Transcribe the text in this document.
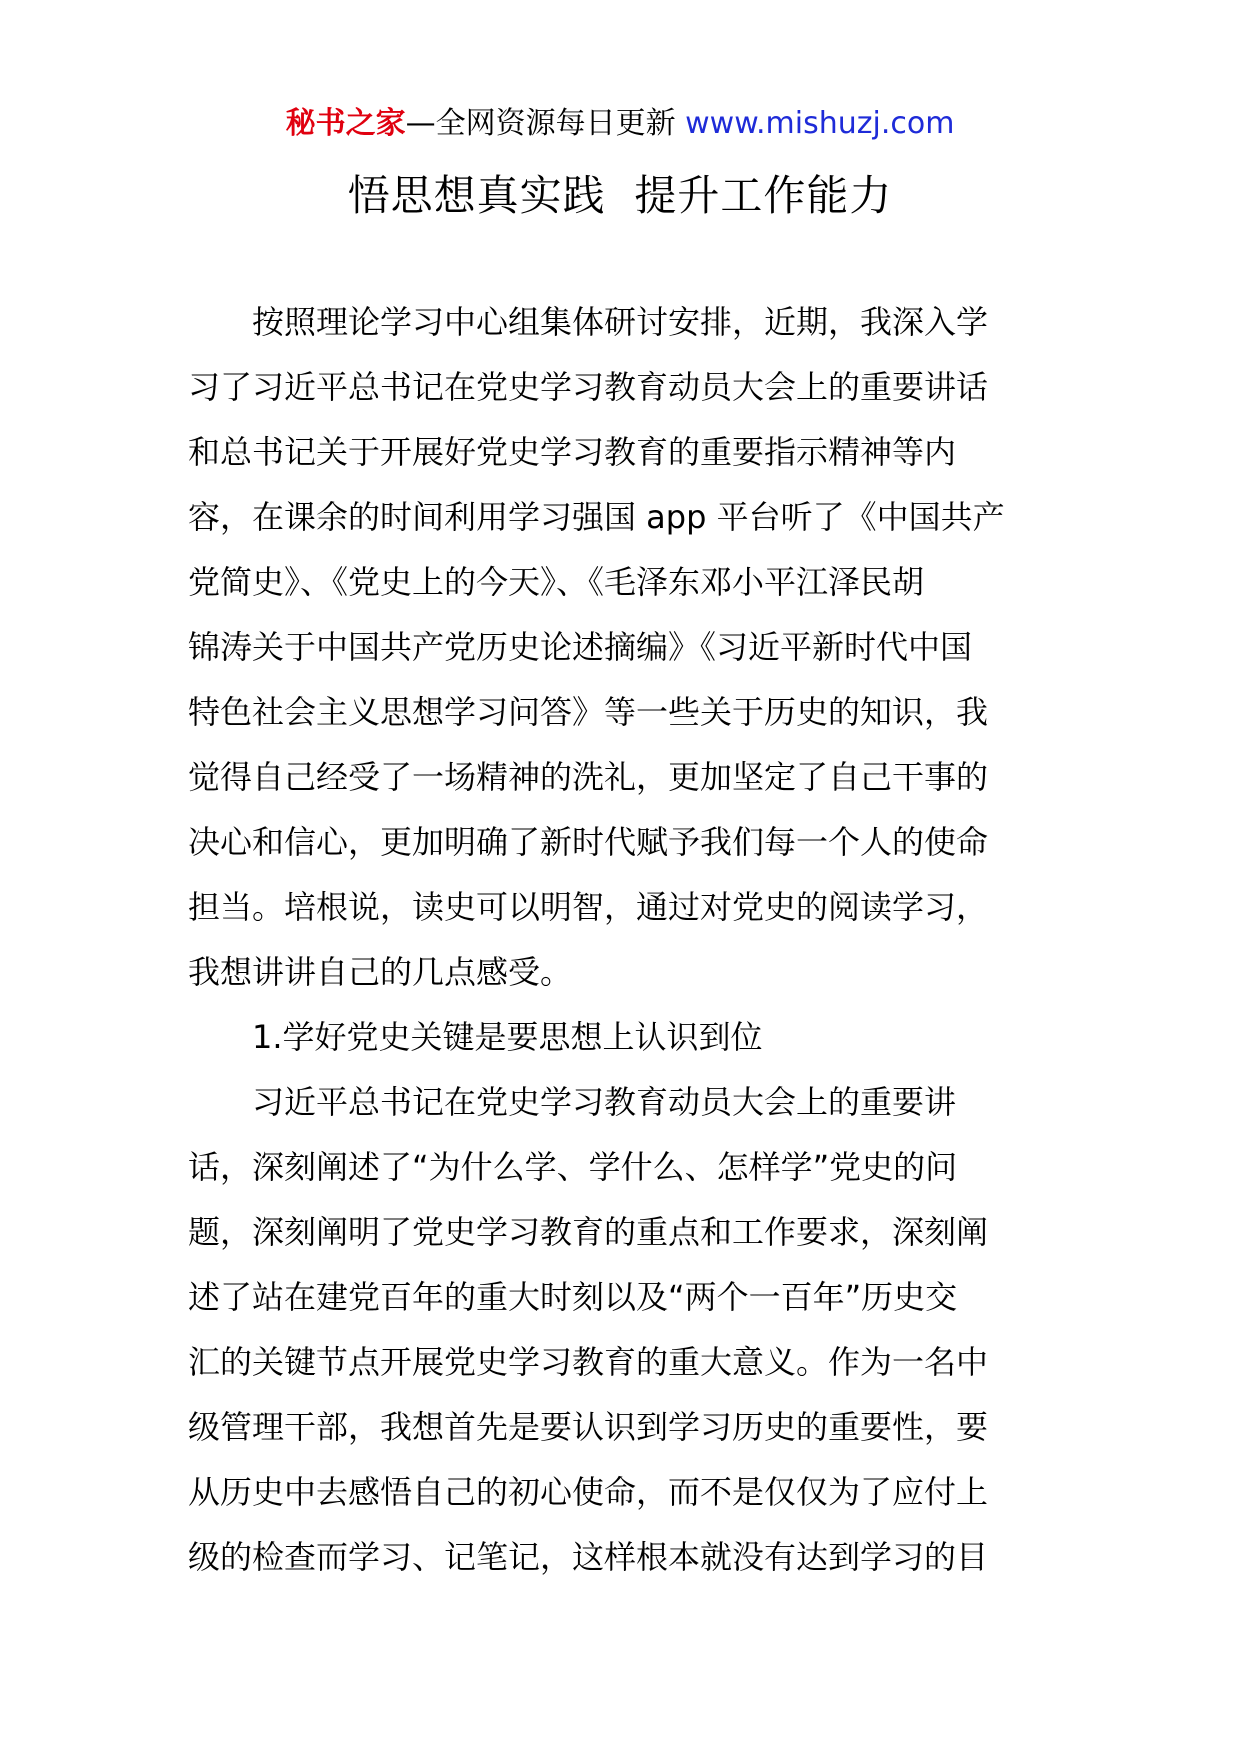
秘书之家—全网资源每日更新 www.mishuzj.com
悟思想真实践  提升工作能力
按照理论学习中心组集体研讨安排，近期，我深入学
习了习近平总书记在党史学习教育动员大会上的重要讲话
和总书记关于开展好党史学习教育的重要指示精神等内
容，在课余的时间利用学习强国 app 平台听了《中国共产
党简史》、《党史上的今天》、《毛泽东邓小平江泽民胡
锦涛关于中国共产党历史论述摘编》《习近平新时代中国
特色社会主义思想学习问答》等一些关于历史的知识，我
觉得自己经受了一场精神的洗礼，更加坚定了自己干事的
决心和信心，更加明确了新时代赋予我们每一个人的使命
担当。培根说，读史可以明智，通过对党史的阅读学习，
我想讲讲自己的几点感受。
1.学好党史关键是要思想上认识到位
习近平总书记在党史学习教育动员大会上的重要讲
话，深刻阐述了“为什么学、学什么、怎样学”党史的问
题，深刻阐明了党史学习教育的重点和工作要求，深刻阐
述了站在建党百年的重大时刻以及“两个一百年”历史交
汇的关键节点开展党史学习教育的重大意义。作为一名中
级管理干部，我想首先是要认识到学习历史的重要性，要
从历史中去感悟自己的初心使命，而不是仅仅为了应付上
级的检查而学习、记笔记，这样根本就没有达到学习的目
